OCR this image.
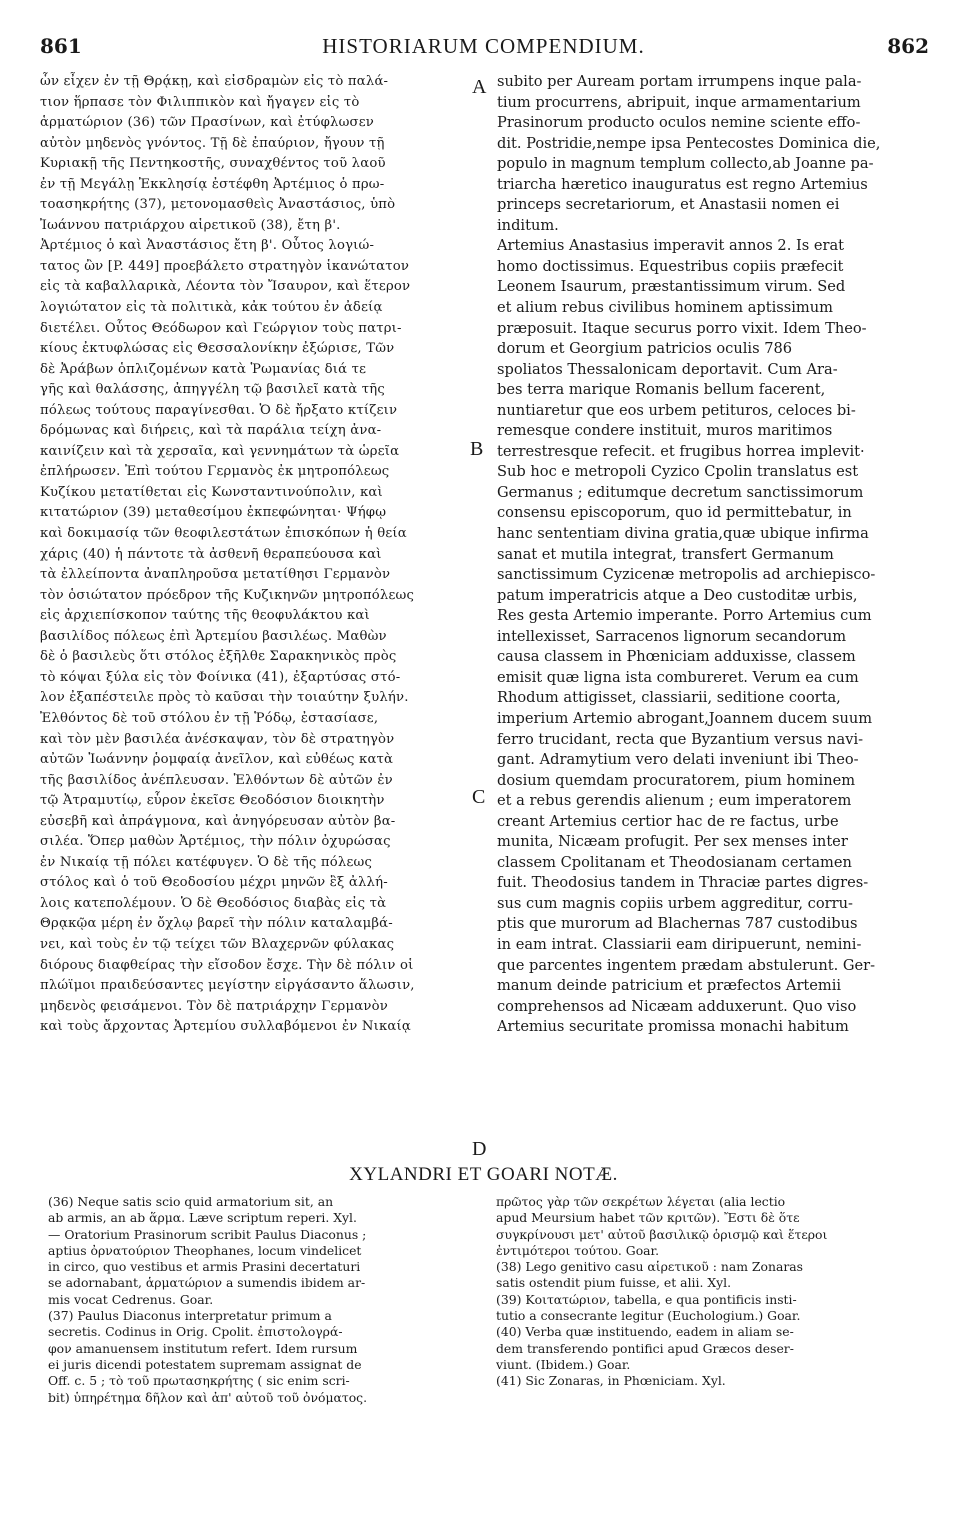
861	HISTORIARUM COMPENDIUM.	862
ὧν εἶχεν ἐν τῇ Θρᾴκῃ, καὶ εἰσδραμὼν εἰς τὸ παλά-
τιον ἥρπασε τὸν Φιλιππικὸν καὶ ἤγαγεν εἰς τὸ
ἁρματώριον (36) τῶν Πρασίνων, καὶ ἐτύφλωσεν
αὐτὸν μηδενὸς γνόντος. Τῇ δὲ ἐπαύριον, ἤγουν τῇ
Κυριακῇ τῆς Πεντηκοστῆς, συναχθέντος τοῦ λαοῦ
ἐν τῇ Μεγάλῃ Ἐκκλησίᾳ ἐστέφθη Ἀρτέμιος ὁ πρω-
τοασηκρήτης (37), μετονομασθεὶς Ἀναστάσιος, ὑπὸ
Ἰωάννου πατριάρχου αἱρετικοῦ (38), ἔτη β'.
Ἀρτέμιος ὁ καὶ Ἀναστάσιος ἔτη β'. Οὗτος λογιώ-
τατος ὢν [P. 449] προεβάλετο στρατηγὸν ἱκανώτατον
εἰς τὰ καβαλλαρικὰ, Λέοντα τὸν Ἴσαυρον, καὶ ἕτερον
λογιώτατον εἰς τὰ πολιτικὰ, κἀκ τούτου ἐν ἀδείᾳ
διετέλει. Οὗτος Θεόδωρον καὶ Γεώργιον τοὺς πατρι-
κίους ἐκτυφλώσας εἰς Θεσσαλονίκην ἐξώρισε, Τῶν
δὲ Ἀράβων ὁπλιζομένων κατὰ Ῥωμανίας διά τε
γῆς καὶ θαλάσσης, ἀπηγγέλη τῷ βασιλεῖ κατὰ τῆς
πόλεως τούτους παραγίνεσθαι. Ὁ δὲ ἤρξατο κτίζειν
δρόμωνας καὶ διήρεις, καὶ τὰ παράλια τείχη ἀνα-
καινίζειν καὶ τὰ χερσαῖα, καὶ γεννημάτων τὰ ὡρεῖα
ἐπλήρωσεν. Ἐπὶ τούτου Γερμανὸς ἐκ μητροπόλεως
Κυζίκου μετατίθεται εἰς Κωνσταντινούπολιν, καὶ
κιτατώριον (39) μεταθεσίμου ἐκπεφώνηται· Ψήφῳ
καὶ δοκιμασίᾳ τῶν θεοφιλεστάτων ἐπισκόπων ἡ θεία
χάρις (40) ἡ πάντοτε τὰ ἀσθενῆ θεραπεύουσα καὶ
τὰ ἐλλείποντα ἀναπληροῦσα μετατίθησι Γερμανὸν
τὸν ὁσιώτατον πρόεδρον τῆς Κυζικηνῶν μητροπόλεως
εἰς ἀρχιεπίσκοπον ταύτης τῆς θεοφυλάκτου καὶ
βασιλίδος πόλεως ἐπὶ Ἀρτεμίου βασιλέως. Μαθὼν
δὲ ὁ βασιλεὺς ὅτι στόλος ἐξῆλθε Σαρακηνικὸς πρὸς
τὸ κόψαι ξύλα εἰς τὸν Φοίνικα (41), ἐξαρτύσας στό-
λον ἐξαπέστειλε πρὸς τὸ καῦσαι τὴν τοιαύτην ξυλήν.
Ἐλθόντος δὲ τοῦ στόλου ἐν τῇ Ῥόδῳ, ἐστασίασε,
καὶ τὸν μὲν βασιλέα ἀνέσκαψαν, τὸν δὲ στρατηγὸν
αὐτῶν Ἰωάννην ῥομφαίᾳ ἀνεῖλον, καὶ εὐθέως κατὰ
τῆς βασιλίδος ἀνέπλευσαν. Ἐλθόντων δὲ αὐτῶν ἐν
τῷ Ἀτραμυτίῳ, εὗρον ἐκεῖσε Θεοδόσιον διοικητὴν
εὐσεβῆ καὶ ἀπράγμονα, καὶ ἀνηγόρευσαν αὐτὸν βα-
σιλέα. Ὅπερ μαθὼν Ἀρτέμιος, τὴν πόλιν ὀχυρώσας
ἐν Νικαίᾳ τῇ πόλει κατέφυγεν. Ὁ δὲ τῆς πόλεως
στόλος καὶ ὁ τοῦ Θεοδοσίου μέχρι μηνῶν ἓξ ἀλλή-
λοις κατεπολέμουν. Ὁ δὲ Θεοδόσιος διαβὰς εἰς τὰ
Θρᾳκῷα μέρη ἐν ὄχλῳ βαρεῖ τὴν πόλιν καταλαμβά-
νει, καὶ τοὺς ἐν τῷ τείχει τῶν Βλαχερνῶν φύλακας
διόρους διαφθείρας τὴν εἴσοδον ἔσχε. Τὴν δὲ πόλιν οἱ
πλώϊμοι πραιδεύσαντες μεγίστην εἰργάσαντο ἅλωσιν,
μηδενὸς φεισάμενοι. Τὸν δὲ πατριάρχην Γερμανὸν
καὶ τοὺς ἄρχοντας Ἀρτεμίου συλλαβόμενοι ἐν Νικαίᾳ
subito per Auream portam irrumpens inque pala-
tium procurrens, abripuit, inque armamentarium
Prasinorum producto oculos nemine sciente effo-
dit. Postridie,nempe ipsa Pentecostes Dominica die,
populo in magnum templum collecto,ab Joanne pa-
triarcha hæretico inauguratus est regno Artemius
princeps secretariorum, et Anastasii nomen ei
inditum.
Artemius Anastasius imperavit annos 2. Is erat
homo doctissimus. Equestribus copiis præfecit
Leonem Isaurum, præstantissimum virum. Sed
et alium rebus civilibus hominem aptissimum
præposuit. Itaque securus porro vixit. Idem Theo-
dorum et Georgium patricios oculis 786
spoliatos Thessalonicam deportavit. Cum Ara-
bes terra marique Romanis bellum facerent,
nuntiaretur que eos urbem petituros, celoces bi-
remesque condere instituit, muros maritimos
terrestresque refecit. et frugibus horrea implevit·
Sub hoc e metropoli Cyzico Cpolin translatus est
Germanus ; editumque decretum sanctissimorum
consensu episcoporum, quo id permittebatur, in
hanc sententiam divina gratia,quæ ubique infirma
sanat et mutila integrat, transfert Germanum
sanctissimum Cyzicenæ metropolis ad archiepisco-
patum imperatricis atque a Deo custoditæ urbis,
Res gesta Artemio imperante. Porro Artemius cum
intellexisset, Sarracenos lignorum secandorum
causa classem in Phœniciam adduxisse, classem
emisit quæ ligna ista combureret. Verum ea cum
Rhodum attigisset, classiarii, seditione coorta,
imperium Artemio abrogant,Joannem ducem suum
ferro trucidant, recta que Byzantium versus navi-
gant. Adramytium vero delati inveniunt ibi Theo-
dosium quemdam procuratorem, pium hominem
et a rebus gerendis alienum ; eum imperatorem
creant Artemius certior hac de re factus, urbe
munita, Nicæam profugit. Per sex menses inter
classem Cpolitanam et Theodosianam certamen
fuit. Theodosius tandem in Thraciæ partes digres-
sus cum magnis copiis urbem aggreditur, corru-
ptis que murorum ad Blachernas 787 custodibus
in eam intrat. Classiarii eam diripuerunt, nemini-
que parcentes ingentem prædam abstulerunt. Ger-
manum deinde patricium et præfectos Artemii
comprehensos ad Nicæam adduxerunt. Quo viso
Artemius securitate promissa monachi habitum
A
B
C
D
XYLANDRI ET GOARI NOTÆ.
(36) Neque satis scio quid armatorium sit, an
ab armis, an ab ἅρμα. Læve scriptum reperi. Xyl.
— Oratorium Prasinorum scribit Paulus Diaconus ;
aptius ὀρνατούριον Theophanes, locum vindelicet
in circo, quo vestibus et armis Prasini decertaturi
se adornabant, ἁρματώριον a sumendis ibidem ar-
mis vocat Cedrenus. Goar.
(37) Paulus Diaconus interpretatur primum a
secretis. Codinus in Orig. Cpolit. ἐπιστολογρά-
φον amanuensem institutum refert. Idem rursum
ei juris dicendi potestatem supremam assignat de
Off. c. 5 ; τὸ τοῦ πρωτασηκρήτης ( sic enim scri-
bit) ὑπηρέτημα δῆλον καὶ ἀπ' αὐτοῦ τοῦ ὀνόματος.
πρῶτος γὰρ τῶν σεκρέτων λέγεται (alia lectio
apud Meursium habet τῶν κριτῶν). Ἔστι δὲ ὅτε
συγκρίνουσι μετ' αὐτοῦ βασιλικῷ ὁρισμῷ καὶ ἕτεροι
ἐντιμότεροι τούτου. Goar.
(38) Lego genitivo casu αἱρετικοῦ : nam Zonaras
satis ostendit pium fuisse, et alii. Xyl.
(39) Κοιτατώριον, tabella, e qua pontificis insti-
tutio a consecrante legitur (Euchologium.) Goar.
(40) Verba quæ instituendo, eadem in aliam se-
dem transferendo pontifici apud Græcos deser-
viunt. (Ibidem.) Goar.
(41) Sic Zonaras, in Phœniciam. Xyl.
